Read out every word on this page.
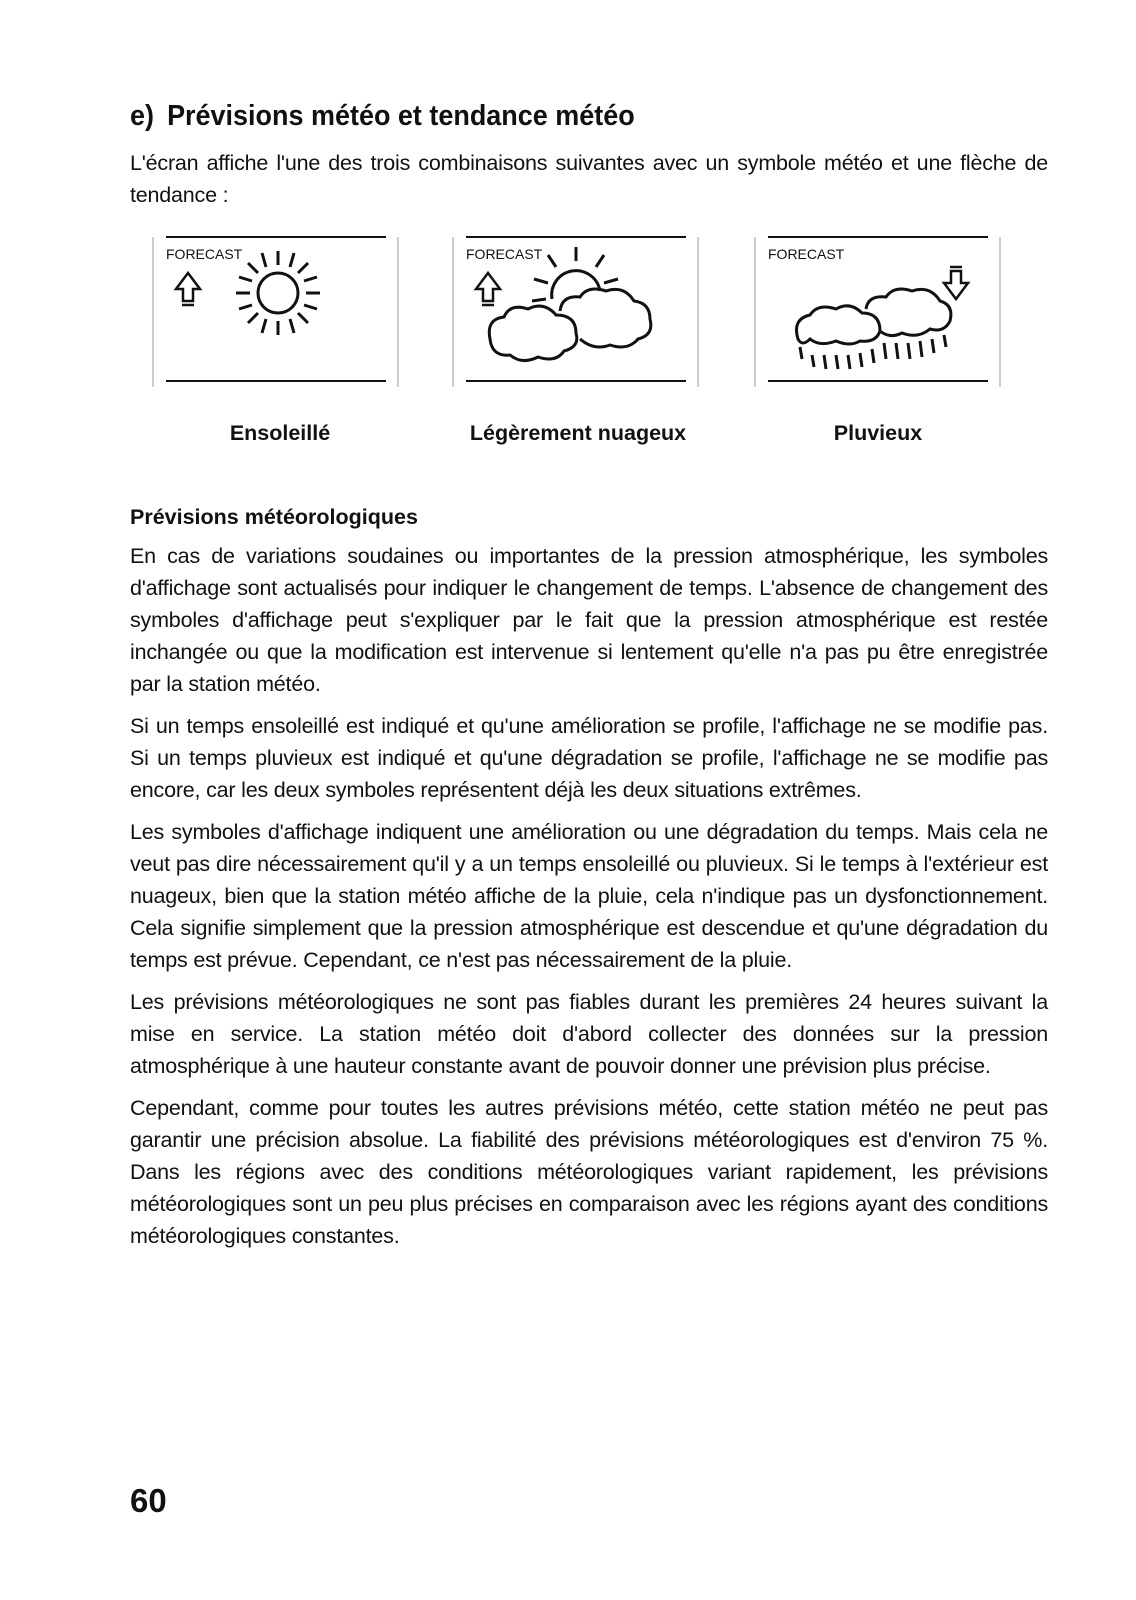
e) Prévisions météo et tendance météo

L'écran affiche l'une des trois combinaisons suivantes avec un symbole météo et une flèche de tendance :

FORECAST	FORECAST	FORECAST
Ensoleillé	Légèrement nuageux	Pluvieux
Prévisions météorologiques

En cas de variations soudaines ou importantes de la pression atmosphérique, les symboles d'affichage sont actualisés pour indiquer le changement de temps. L'absence de changement des symboles d'affichage peut s'expliquer par le fait que la pression atmosphérique est restée inchangée ou que la modification est intervenue si lentement qu'elle n'a pas pu être enregistrée par la station météo.

Si un temps ensoleillé est indiqué et qu'une amélioration se profile, l'affichage ne se modifie pas. Si un temps pluvieux est indiqué et qu'une dégradation se profile, l'affichage ne se modifie pas encore, car les deux symboles représentent déjà les deux situations extrêmes.

Les symboles d'affichage indiquent une amélioration ou une dégradation du temps. Mais cela ne veut pas dire nécessairement qu'il y a un temps ensoleillé ou pluvieux. Si le temps à l'extérieur est nuageux, bien que la station météo affiche de la pluie, cela n'indique pas un dysfonctionnement. Cela signifie simplement que la pression atmosphérique est descendue et qu'une dégradation du temps est prévue. Cependant, ce n'est pas nécessairement de la pluie.

Les prévisions météorologiques ne sont pas fiables durant les premières 24 heures suivant la mise en service. La station météo doit d'abord collecter des données sur la pression atmosphérique à une hauteur constante avant de pouvoir donner une prévision plus précise.

Cependant, comme pour toutes les autres prévisions météo, cette station météo ne peut pas garantir une précision absolue. La fiabilité des prévisions météorologiques est d'environ 75 %. Dans les régions avec des conditions météorologiques variant rapidement, les prévisions météorologiques sont un peu plus précises en comparaison avec les régions ayant des conditions météorologiques constantes.

60
